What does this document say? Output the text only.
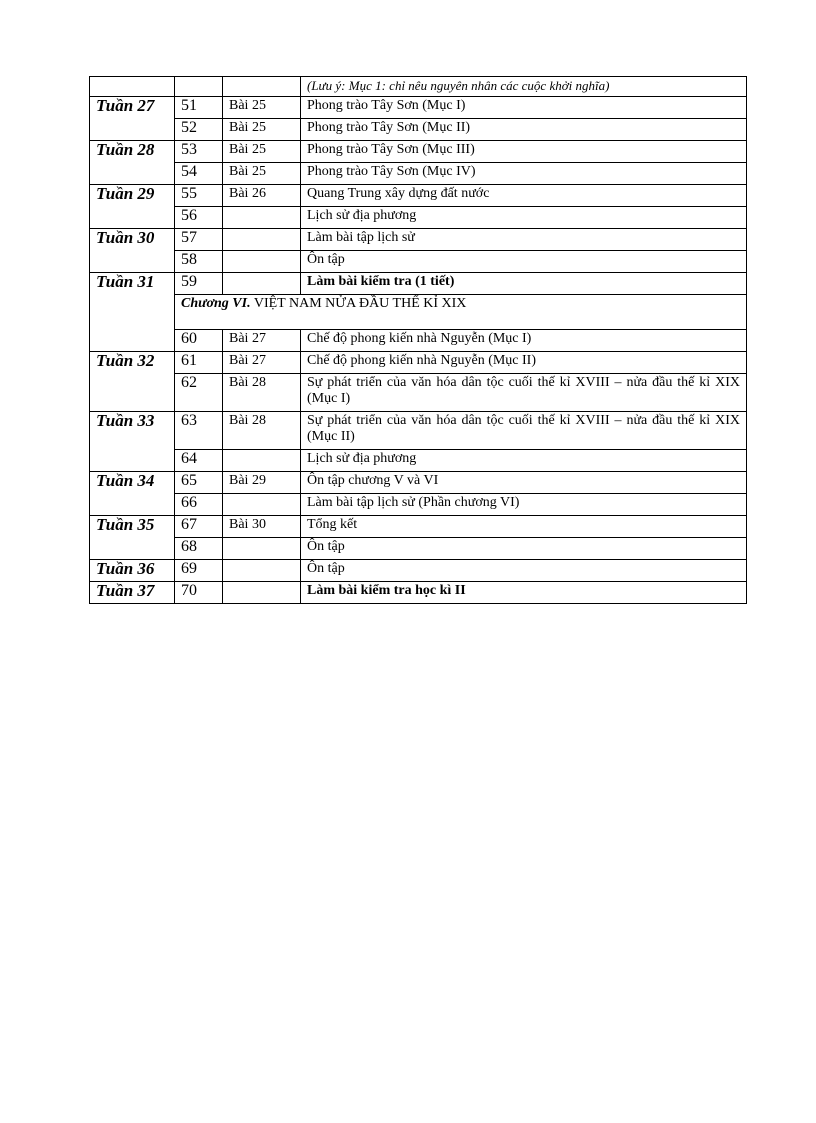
			(Lưu ý: Mục 1: chỉ nêu nguyên nhân các cuộc khởi nghĩa)
Tuần 27	51	Bài 25	Phong trào Tây Sơn (Mục I)
	52	Bài 25	Phong trào Tây Sơn (Mục II)
Tuần 28	53	Bài 25	Phong trào Tây Sơn (Mục III)
	54	Bài 25	Phong trào Tây Sơn (Mục IV)
Tuần 29	55	Bài 26	Quang Trung xây dựng đất nước
	56		Lịch sử địa phương
Tuần 30	57		Làm bài tập lịch sử
	58		Ôn tập
Tuần 31	59		Làm bài kiểm tra (1 tiết)
	Chương VI. VIỆT NAM NỬA ĐẦU THẾ KỈ XIX		
	60	Bài 27	Chế độ phong kiến nhà Nguyễn (Mục I)
Tuần 32	61	Bài 27	Chế độ phong kiến nhà Nguyễn (Mục II)
	62	Bài 28	Sự phát triển của văn hóa dân tộc cuối thế kỉ XVIII – nửa đầu thế kỉ XIX (Mục I)
Tuần 33	63	Bài 28	Sự phát triển của văn hóa dân tộc cuối thế kỉ XVIII – nửa đầu thế kỉ XIX (Mục II)
	64		Lịch sử địa phương
Tuần 34	65	Bài 29	Ôn tập chương V và VI
	66		Làm bài tập lịch sử (Phần chương VI)
Tuần 35	67	Bài 30	Tổng kết
	68		Ôn tập
Tuần 36	69		Ôn tập
Tuần 37	70		Làm bài kiểm tra học kì II
